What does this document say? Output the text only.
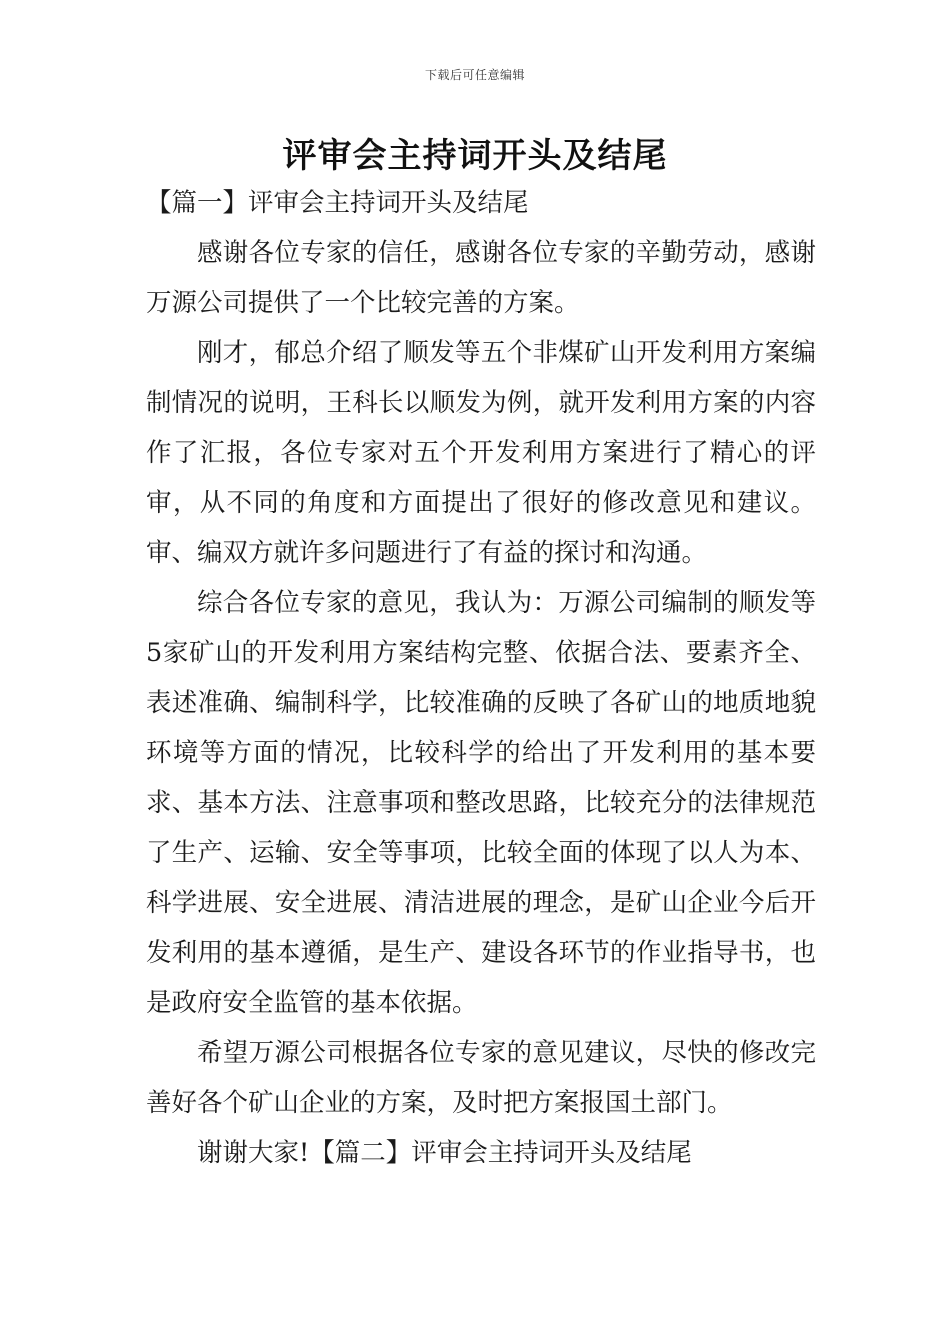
下载后可任意编辑
评审会主持词开头及结尾

【篇一】评审会主持词开头及结尾

感谢各位专家的信任，感谢各位专家的辛勤劳动，感谢万源公司提供了一个比较完善的方案。

刚才，郁总介绍了顺发等五个非煤矿山开发利用方案编制情况的说明，王科长以顺发为例，就开发利用方案的内容作了汇报，各位专家对五个开发利用方案进行了精心的评审，从不同的角度和方面提出了很好的修改意见和建议。审、编双方就许多问题进行了有益的探讨和沟通。

综合各位专家的意见，我认为：万源公司编制的顺发等5家矿山的开发利用方案结构完整、依据合法、要素齐全、表述准确、编制科学，比较准确的反映了各矿山的地质地貌环境等方面的情况，比较科学的给出了开发利用的基本要求、基本方法、注意事项和整改思路，比较充分的法律规范了生产、运输、安全等事项，比较全面的体现了以人为本、科学进展、安全进展、清洁进展的理念，是矿山企业今后开发利用的基本遵循，是生产、建设各环节的作业指导书，也是政府安全监管的基本依据。

希望万源公司根据各位专家的意见建议，尽快的修改完善好各个矿山企业的方案，及时把方案报国土部门。

谢谢大家!【篇二】评审会主持词开头及结尾
